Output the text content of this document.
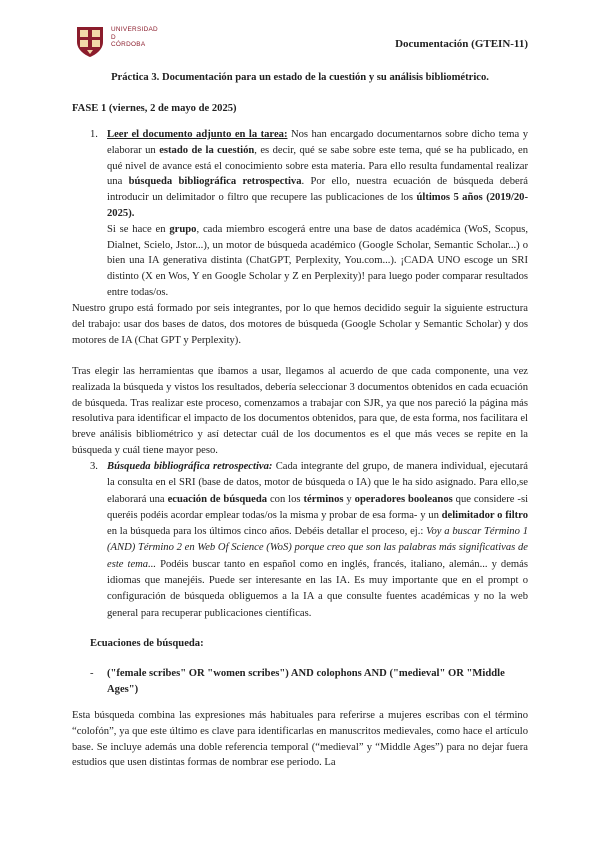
UNIVERSIDAD
D
CÓRDOBA	Documentación (GTEIN-11)
Práctica 3. Documentación para un estado de la cuestión y su análisis bibliométrico.
FASE 1 (viernes, 2 de mayo de 2025)
1. Leer el documento adjunto en la tarea: Nos han encargado documentarnos sobre dicho tema y elaborar un estado de la cuestión, es decir, qué se sabe sobre este tema, qué se ha publicado, en qué nivel de avance está el conocimiento sobre esta materia. Para ello resulta fundamental realizar una búsqueda bibliográfica retrospectiva. Por ello, nuestra ecuación de búsqueda deberá introducir un delimitador o filtro que recupere las publicaciones de los últimos 5 años (2019/20-2025).

Si se hace en grupo, cada miembro escogerá entre una base de datos académica (WoS, Scopus, Dialnet, Scielo, Jstor...), un motor de búsqueda académico (Google Scholar, Semantic Scholar...) o bien una IA generativa distinta (ChatGPT, Perplexity, You.com...). ¡CADA UNO escoge un SRI distinto (X en Wos, Y en Google Scholar y Z en Perplexity)! para luego poder comparar resultados entre todas/os.

Nuestro grupo está formado por seis integrantes, por lo que hemos decidido seguir la siguiente estructura del trabajo: usar dos bases de datos, dos motores de búsqueda (Google Scholar y Semantic Scholar) y dos motores de IA (Chat GPT y Perplexity).

Tras elegir las herramientas que íbamos a usar, llegamos al acuerdo de que cada componente, una vez realizada la búsqueda y vistos los resultados, debería seleccionar 3 documentos obtenidos en cada ecuación de búsqueda. Tras realizar este proceso, comenzamos a trabajar con SJR, ya que nos pareció la página más resolutiva para identificar el impacto de los documentos obtenidos, para que, de esta forma, nos facilitara el breve análisis bibliométrico y así detectar cuál de los documentos es el que más veces se repite en la búsqueda y cuál tiene mayor peso.

3. Búsqueda bibliográfica retrospectiva: Cada integrante del grupo, de manera individual, ejecutará la consulta en el SRI (base de datos, motor de búsqueda o IA) que le ha sido asignado. Para ello,se elaborará una ecuación de búsqueda con los términos y operadores booleanos que considere -si queréis podéis acordar emplear todas/os la misma y probar de esa forma- y un delimitador o filtro en la búsqueda para los últimos cinco años. Debéis detallar el proceso, ej.: Voy a buscar Término 1 (AND) Término 2 en Web Of Science (WoS) porque creo que son las palabras más significativas de este tema... Podéis buscar tanto en español como en inglés, francés, italiano, alemán... y demás idiomas que manejéis. Puede ser interesante en las IA. Es muy importante que en el prompt o configuración de búsqueda obliguemos a la IA a que consulte fuentes académicas y no la web general para recuperar publicaciones científicas.

Ecuaciones de búsqueda:
- ("female scribes" OR "women scribes") AND colophons AND ("medieval" OR "Middle Ages")

Esta búsqueda combina las expresiones más habituales para referirse a mujeres escribas con el término “colofón”, ya que este último es clave para identificarlas en manuscritos medievales, como hace el artículo base. Se incluye además una doble referencia temporal (“medieval” y “Middle Ages”) para no dejar fuera estudios que usen distintas formas de nombrar ese periodo. La
